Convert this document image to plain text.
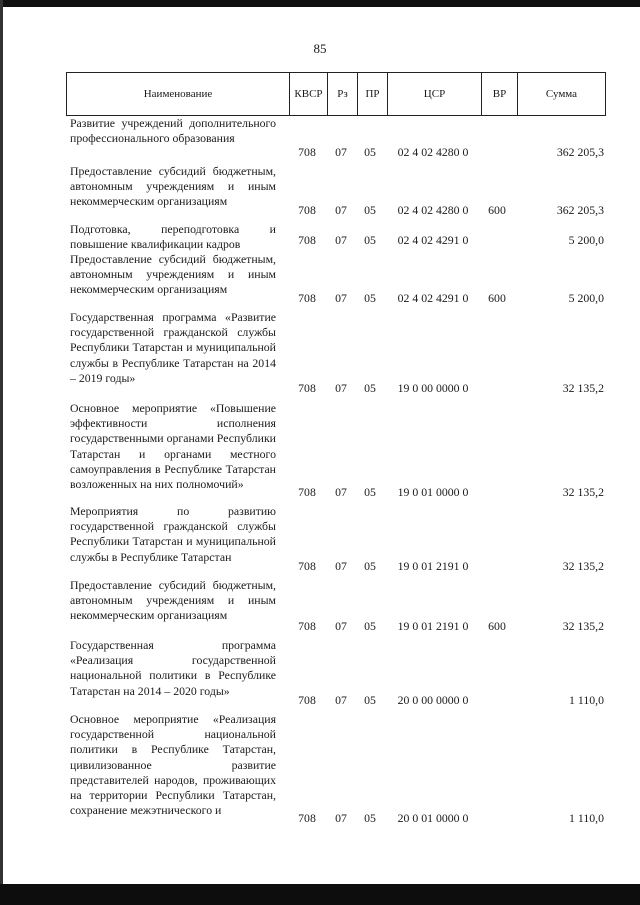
85
Наименование	КВСР	Рз	ПР	ЦСР	ВР	Сумма
Развитие учреждений дополнительного профессионального образования
708	07	05	02 4 02 4280 0	362 205,3
Предоставление субсидий бюджетным, автономным учреждениям и иным некоммерческим организациям
708	07	05	02 4 02 4280 0	600	362 205,3
Подготовка, переподготовка и повышение квалификации кадров	708	07	05	02 4 02 4291 0	5 200,0
Предоставление субсидий бюджетным, автономным учреждениям и иным некоммерческим организациям
708	07	05	02 4 02 4291 0	600	5 200,0
Государственная программа «Развитие государственной гражданской службы Республики Татарстан и муниципальной службы в Республике Татарстан на 2014 – 2019 годы»
708	07	05	19 0 00 0000 0	32 135,2
Основное мероприятие «Повышение эффективности исполнения государственными органами Республики Татарстан и органами местного самоуправления в Республике Татарстан возложенных на них полномочий»
708	07	05	19 0 01 0000 0	32 135,2
Мероприятия по развитию государственной гражданской службы Республики Татарстан и муниципальной службы в Республике Татарстан
708	07	05	19 0 01 2191 0	32 135,2
Предоставление субсидий бюджетным, автономным учреждениям и иным некоммерческим организациям
708	07	05	19 0 01 2191 0	600	32 135,2
Государственная программа «Реализация государственной национальной политики в Республике Татарстан на 2014 – 2020 годы»
708	07	05	20 0 00 0000 0	1 110,0
Основное мероприятие «Реализация государственной национальной политики в Республике Татарстан, цивилизованное развитие представителей народов, проживающих на территории Республики Татарстан, сохранение межэтнического и
708	07	05	20 0 01 0000 0	1 110,0
